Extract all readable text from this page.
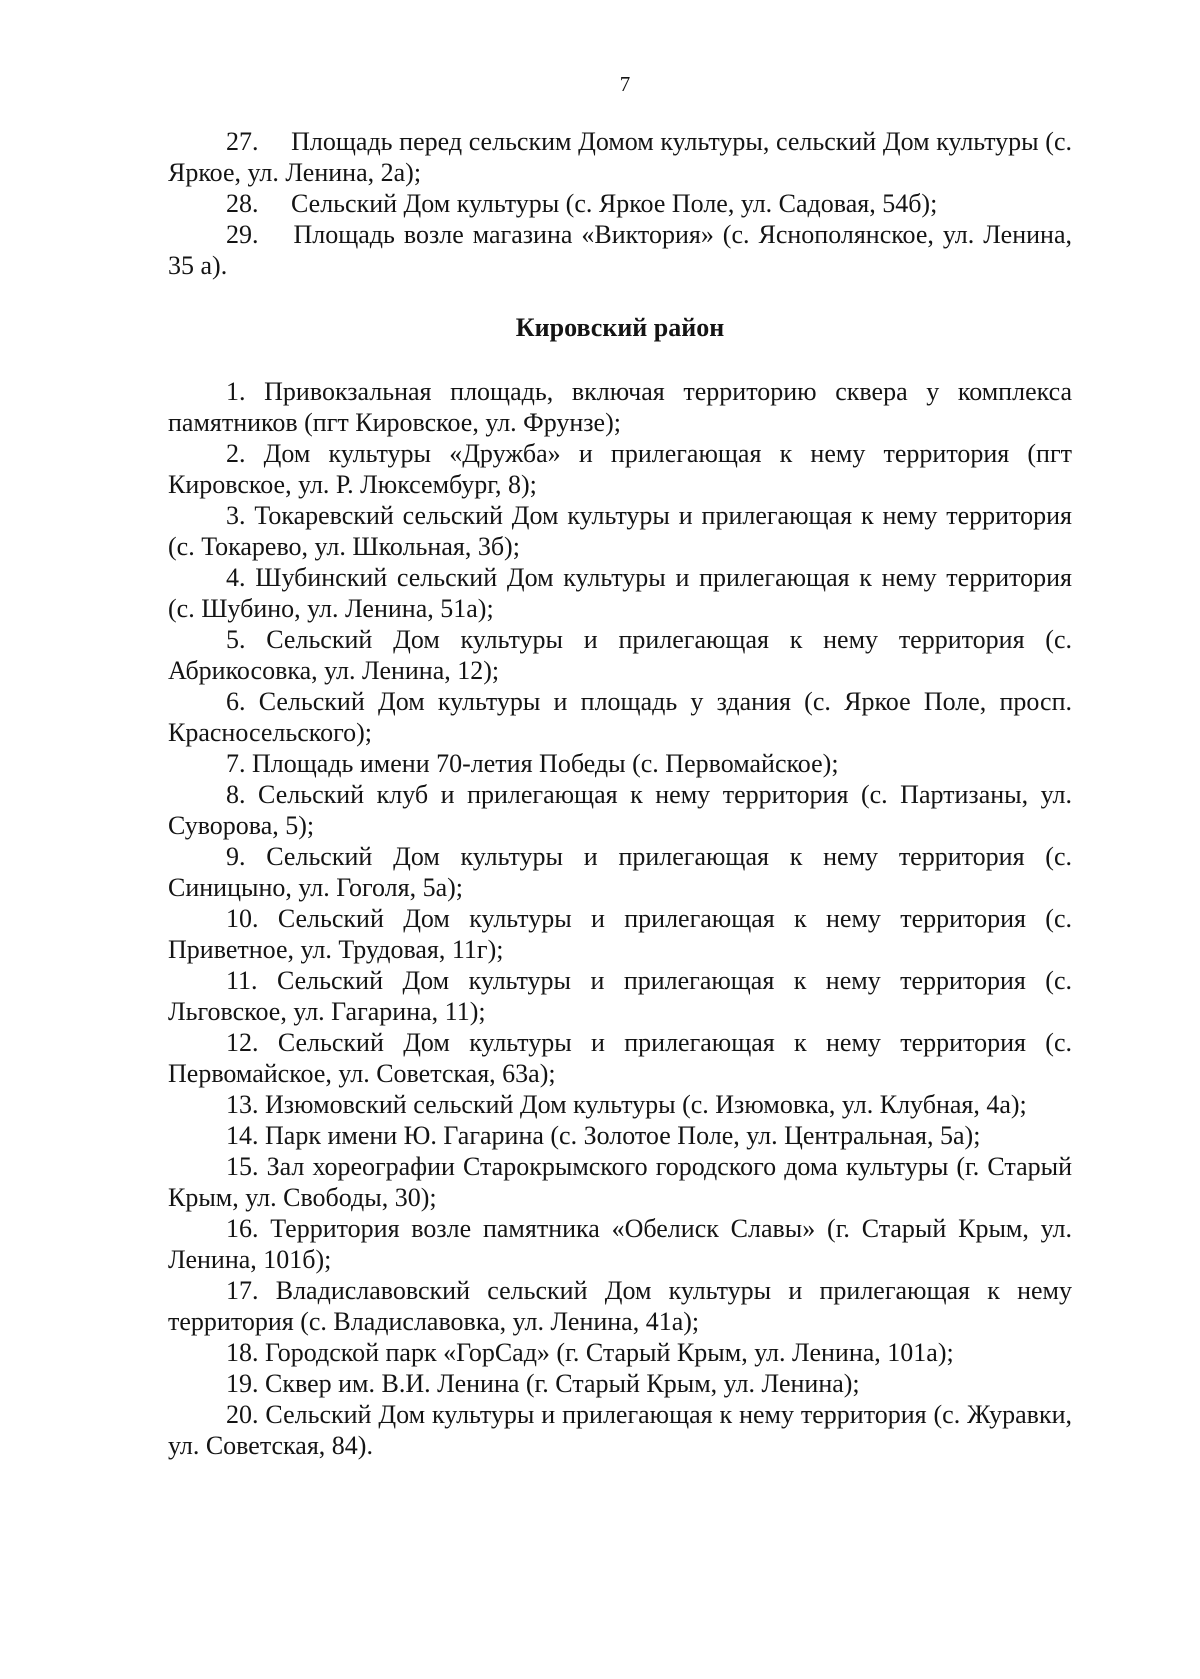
7

27.  Площадь перед сельским Домом культуры, сельский Дом культуры (с. Яркое, ул. Ленина, 2а);

28.  Сельский Дом культуры (с. Яркое Поле, ул. Садовая, 54б);

29.  Площадь возле магазина «Виктория» (с. Яснополянское, ул. Ленина, 35 а).

Кировский район

1. Привокзальная площадь, включая территорию сквера у комплекса памятников (пгт Кировское, ул. Фрунзе);

2. Дом культуры «Дружба» и прилегающая к нему территория (пгт Кировское, ул. Р. Люксембург, 8);

3. Токаревский сельский Дом культуры и прилегающая к нему территория (с. Токарево, ул. Школьная, 3б);

4. Шубинский сельский Дом культуры и прилегающая к нему территория (с. Шубино, ул. Ленина, 51а);

5. Сельский Дом культуры и прилегающая к нему территория (с. Абрикосовка, ул. Ленина, 12);

6. Сельский Дом культуры и площадь у здания (с. Яркое Поле, просп. Красносельского);

7. Площадь имени 70-летия Победы (с. Первомайское);

8. Сельский клуб и прилегающая к нему территория (с. Партизаны, ул. Суворова, 5);

9. Сельский Дом культуры и прилегающая к нему территория (с. Синицыно, ул. Гоголя, 5а);

10. Сельский Дом культуры и прилегающая к нему территория (с. Приветное, ул. Трудовая, 11г);

11. Сельский Дом культуры и прилегающая к нему территория (с. Льговское, ул. Гагарина, 11);

12. Сельский Дом культуры и прилегающая к нему территория (с. Первомайское, ул. Советская, 63а);

13. Изюмовский сельский Дом культуры (с. Изюмовка, ул. Клубная, 4а);

14. Парк имени Ю. Гагарина (с. Золотое Поле, ул. Центральная, 5а);

15. Зал хореографии Старокрымского городского дома культуры (г. Старый Крым, ул. Свободы, 30);

16. Территория возле памятника «Обелиск Славы» (г. Старый Крым, ул. Ленина, 101б);

17. Владиславовский сельский Дом культуры и прилегающая к нему территория (с. Владиславовка, ул. Ленина, 41а);

18. Городской парк «ГорСад» (г. Старый Крым, ул. Ленина, 101а);

19. Сквер им. В.И. Ленина (г. Старый Крым, ул. Ленина);

20. Сельский Дом культуры и прилегающая к нему территория (с. Журавки, ул. Советская, 84).
